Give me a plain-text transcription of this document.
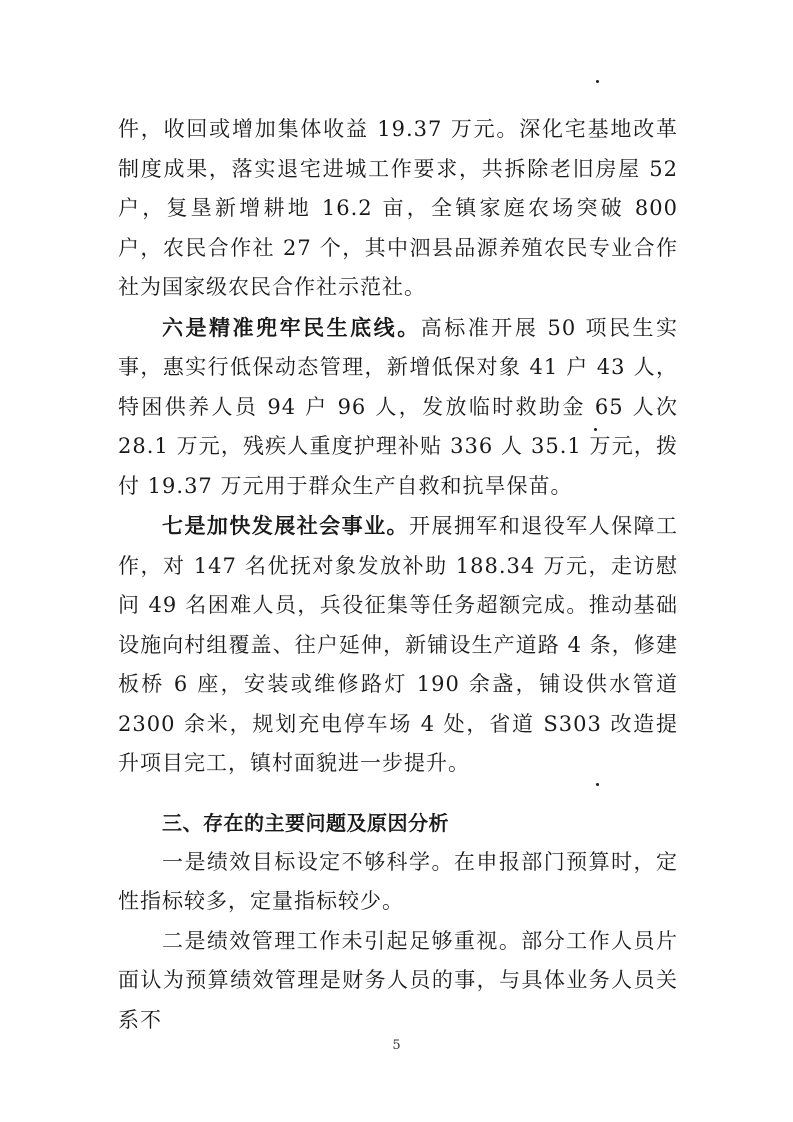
件，收回或增加集体收益 19.37 万元。深化宅基地改革制度成果，落实退宅进城工作要求，共拆除老旧房屋 52 户，复垦新增耕地 16.2 亩，全镇家庭农场突破 800 户，农民合作社 27 个，其中泗县品源养殖农民专业合作社为国家级农民合作社示范社。

六是精准兜牢民生底线。高标准开展 50 项民生实事，惠实行低保动态管理，新增低保对象 41 户 43 人，特困供养人员 94 户 96 人，发放临时救助金 65 人次 28.1 万元，残疾人重度护理补贴 336 人 35.1 万元，拨付 19.37 万元用于群众生产自救和抗旱保苗。

七是加快发展社会事业。开展拥军和退役军人保障工作，对 147 名优抚对象发放补助 188.34 万元，走访慰问 49 名困难人员，兵役征集等任务超额完成。推动基础设施向村组覆盖、往户延伸，新铺设生产道路 4 条，修建板桥 6 座，安装或维修路灯 190 余盏，铺设供水管道 2300 余米，规划充电停车场 4 处，省道 S303 改造提升项目完工，镇村面貌进一步提升。

三、存在的主要问题及原因分析

一是绩效目标设定不够科学。在申报部门预算时，定性指标较多，定量指标较少。

二是绩效管理工作未引起足够重视。部分工作人员片面认为预算绩效管理是财务人员的事，与具体业务人员关系不

5
